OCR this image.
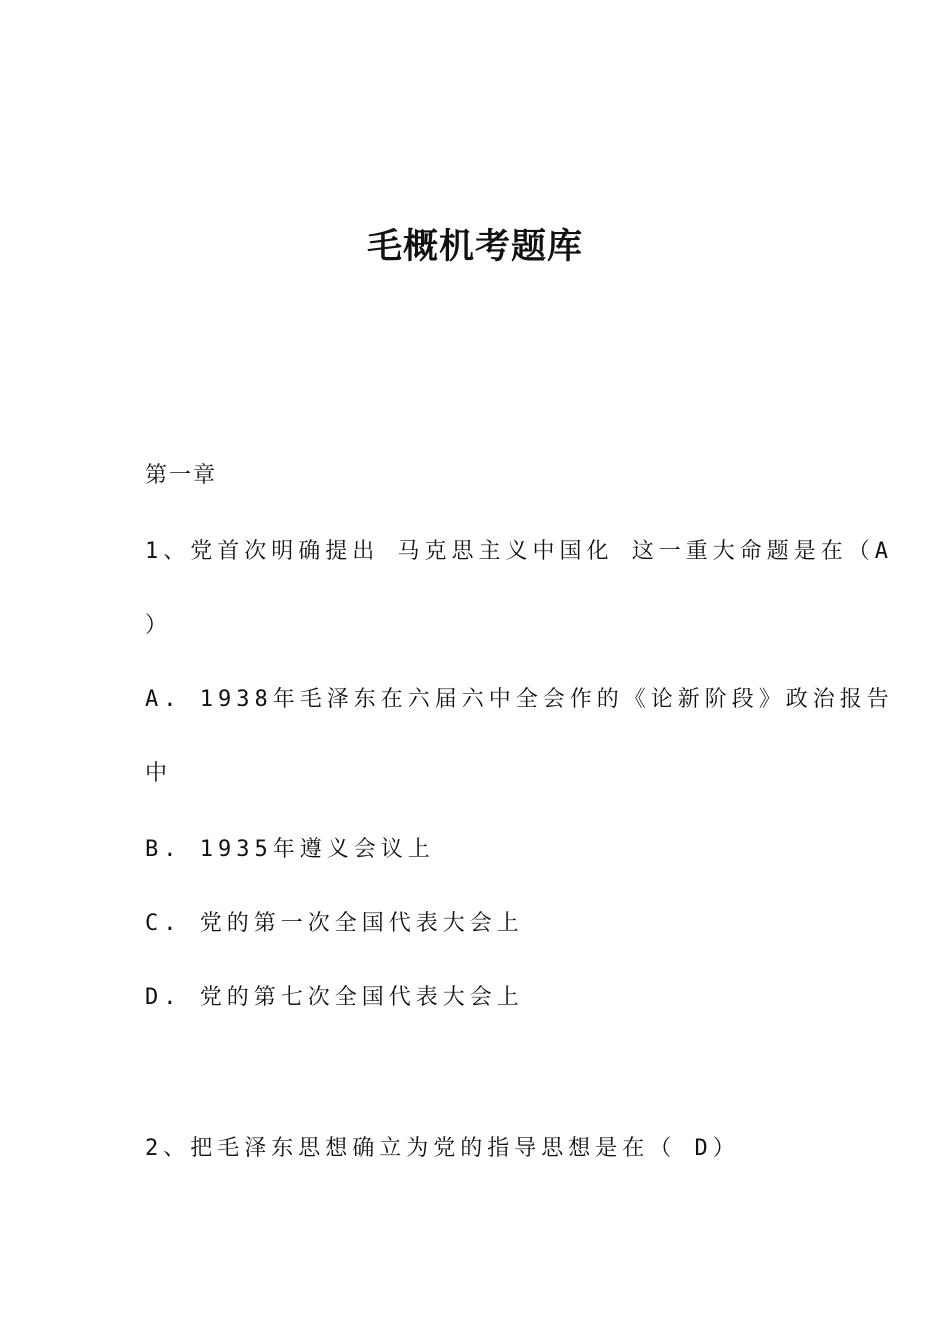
毛概机考题库
第一章
1、党首次明确提出 马克思主义中国化 这一重大命题是在（A
）
A. 1938年毛泽东在六届六中全会作的《论新阶段》政治报告
中
B. 1935年遵义会议上
C. 党的第一次全国代表大会上
D. 党的第七次全国代表大会上
2、把毛泽东思想确立为党的指导思想是在（ D）
